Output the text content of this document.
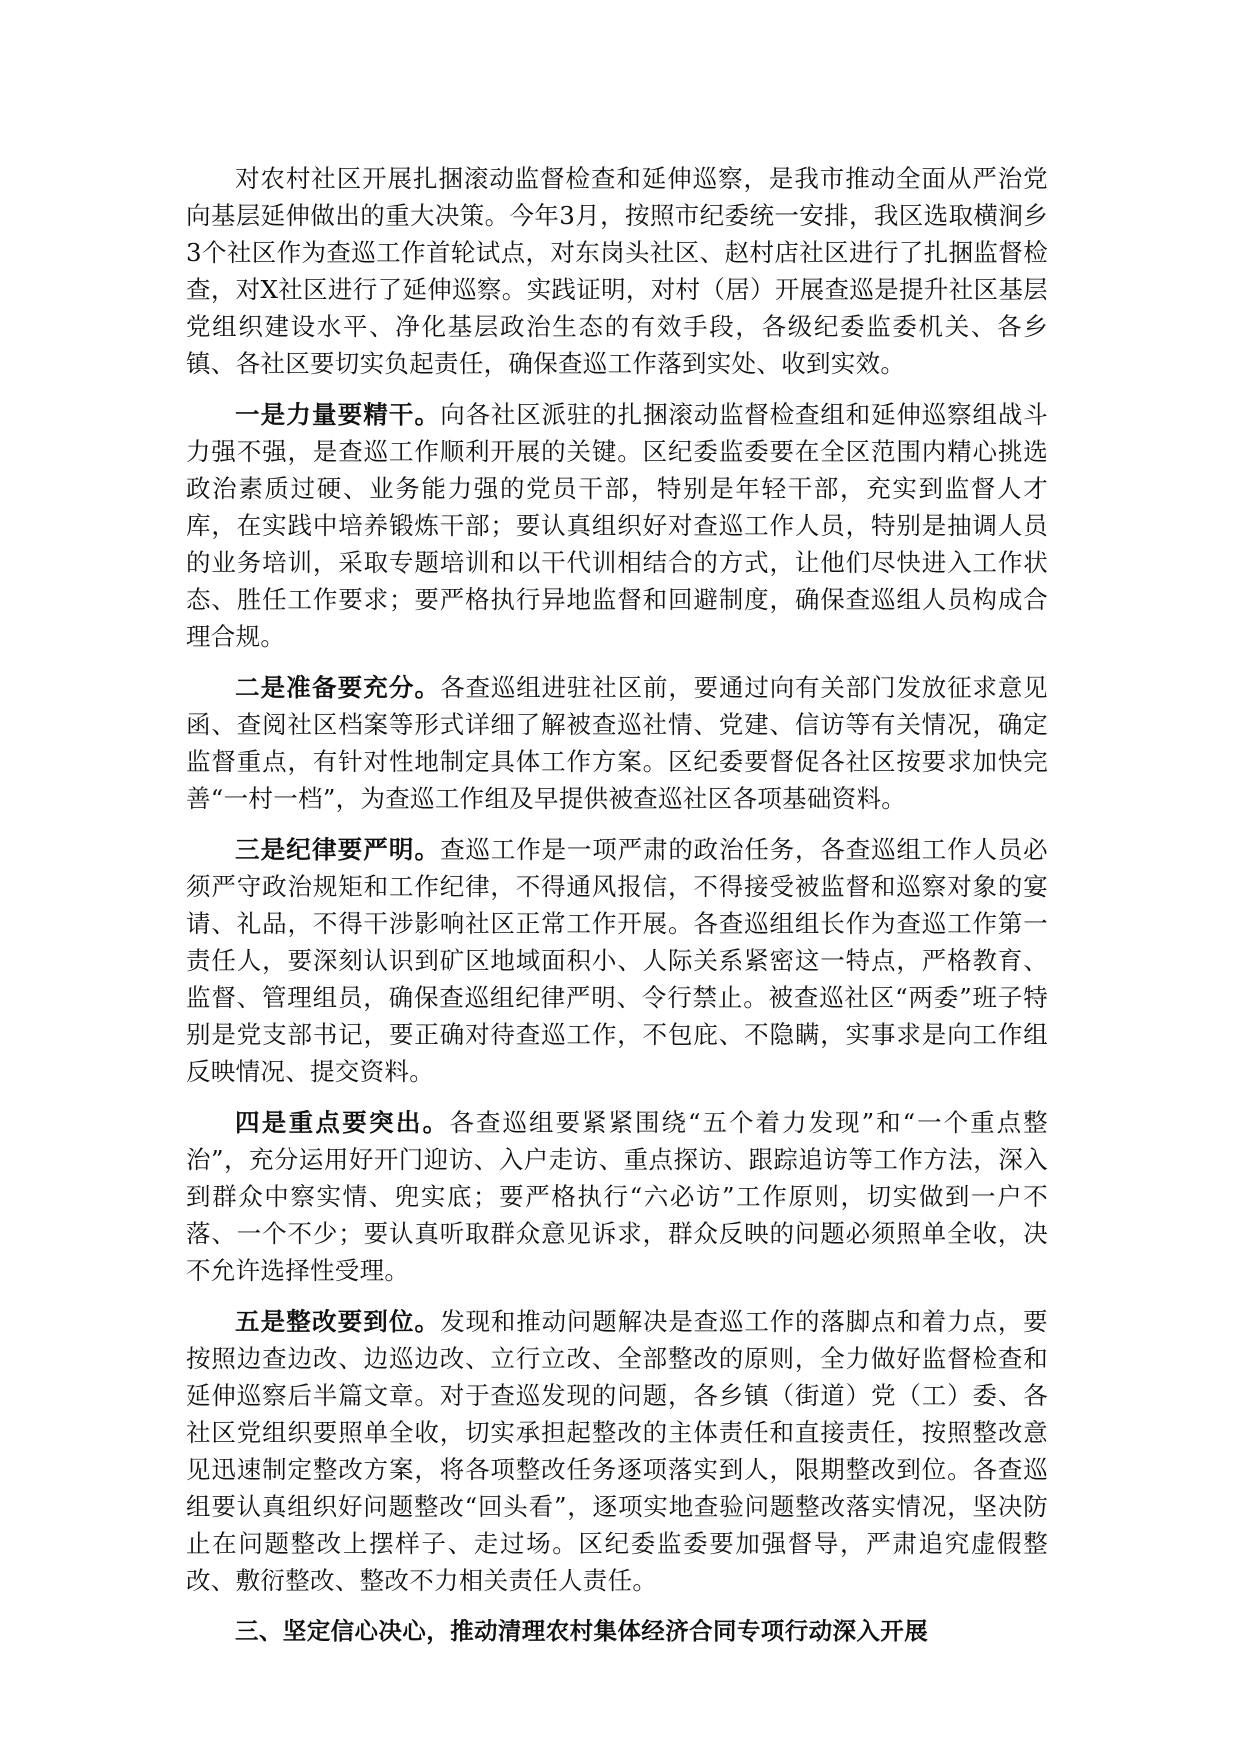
对农村社区开展扎捆滚动监督检查和延伸巡察，是我市推动全面从严治党向基层延伸做出的重大决策。今年3月，按照市纪委统一安排，我区选取横涧乡3个社区作为查巡工作首轮试点，对东岗头社区、赵村店社区进行了扎捆监督检查，对X社区进行了延伸巡察。实践证明，对村（居）开展查巡是提升社区基层党组织建设水平、净化基层政治生态的有效手段，各级纪委监委机关、各乡镇、各社区要切实负起责任，确保查巡工作落到实处、收到实效。

一是力量要精干。向各社区派驻的扎捆滚动监督检查组和延伸巡察组战斗力强不强，是查巡工作顺利开展的关键。区纪委监委要在全区范围内精心挑选政治素质过硬、业务能力强的党员干部，特别是年轻干部，充实到监督人才库，在实践中培养锻炼干部；要认真组织好对查巡工作人员，特别是抽调人员的业务培训，采取专题培训和以干代训相结合的方式，让他们尽快进入工作状态、胜任工作要求；要严格执行异地监督和回避制度，确保查巡组人员构成合理合规。

二是准备要充分。各查巡组进驻社区前，要通过向有关部门发放征求意见函、查阅社区档案等形式详细了解被查巡社情、党建、信访等有关情况，确定监督重点，有针对性地制定具体工作方案。区纪委要督促各社区按要求加快完善“一村一档”，为查巡工作组及早提供被查巡社区各项基础资料。

三是纪律要严明。查巡工作是一项严肃的政治任务，各查巡组工作人员必须严守政治规矩和工作纪律，不得通风报信，不得接受被监督和巡察对象的宴请、礼品，不得干涉影响社区正常工作开展。各查巡组组长作为查巡工作第一责任人，要深刻认识到矿区地域面积小、人际关系紧密这一特点，严格教育、监督、管理组员，确保查巡组纪律严明、令行禁止。被查巡社区“两委”班子特别是党支部书记，要正确对待查巡工作，不包庇、不隐瞒，实事求是向工作组反映情况、提交资料。

四是重点要突出。各查巡组要紧紧围绕“五个着力发现”和“一个重点整治”，充分运用好开门迎访、入户走访、重点探访、跟踪追访等工作方法，深入到群众中察实情、兜实底；要严格执行“六必访”工作原则，切实做到一户不落、一个不少；要认真听取群众意见诉求，群众反映的问题必须照单全收，决不允许选择性受理。

五是整改要到位。发现和推动问题解决是查巡工作的落脚点和着力点，要按照边查边改、边巡边改、立行立改、全部整改的原则，全力做好监督检查和延伸巡察后半篇文章。对于查巡发现的问题，各乡镇（街道）党（工）委、各社区党组织要照单全收，切实承担起整改的主体责任和直接责任，按照整改意见迅速制定整改方案，将各项整改任务逐项落实到人，限期整改到位。各查巡组要认真组织好问题整改“回头看”，逐项实地查验问题整改落实情况，坚决防止在问题整改上摆样子、走过场。区纪委监委要加强督导，严肃追究虚假整改、敷衍整改、整改不力相关责任人责任。

三、坚定信心决心，推动清理农村集体经济合同专项行动深入开展
